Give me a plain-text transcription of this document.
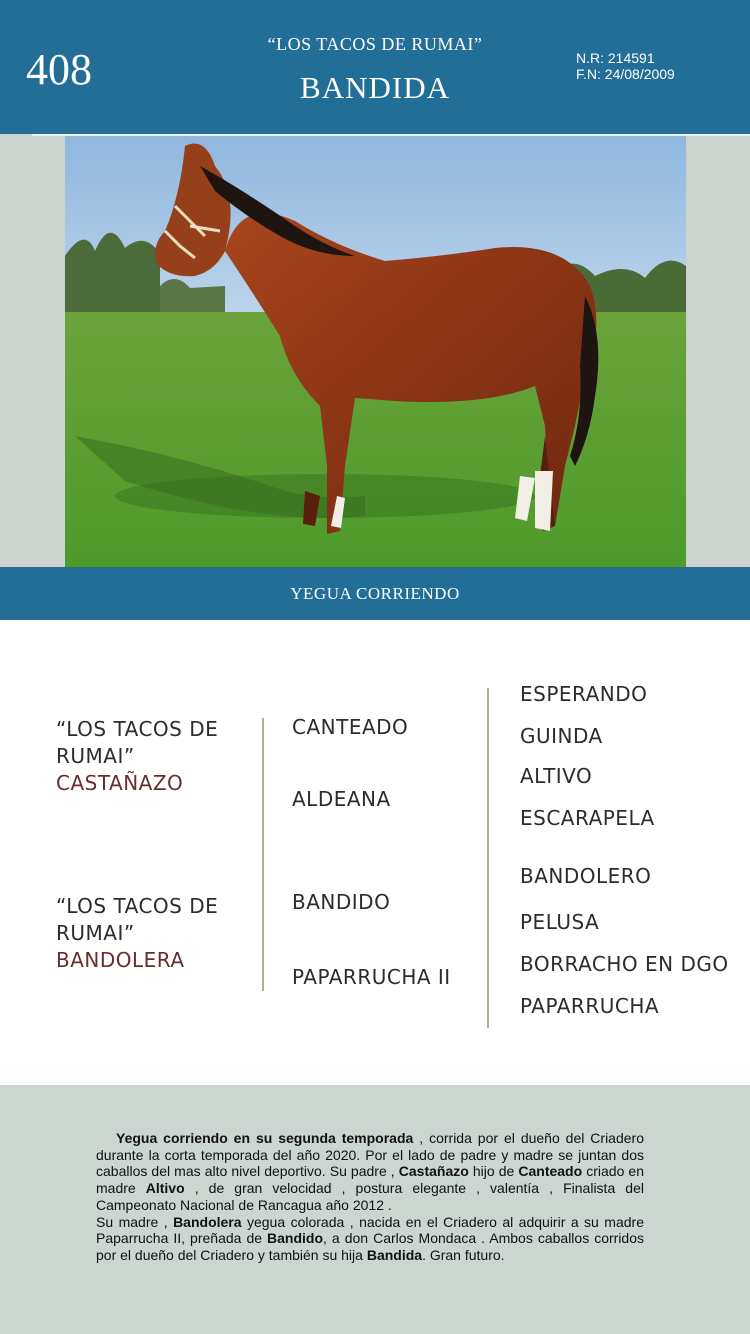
408
“LOS TACOS DE RUMAI”
BANDIDA
N.R: 214591
F.N: 24/08/2009
YEGUA CORRIENDO
“LOS TACOS DE RUMAI”
CASTAÑAZO
“LOS TACOS DE RUMAI”
BANDOLERA
CANTEADO
ALDEANA
BANDIDO
PAPARRUCHA II
ESPERANDO
GUINDA
ALTIVO
ESCARAPELA
BANDOLERO
PELUSA
BORRACHO EN DGO
PAPARRUCHA

Yegua corriendo en su segunda temporada , corrida por el dueño del Criadero durante la corta temporada del año 2020. Por el lado de padre y madre se juntan dos caballos del mas alto nivel deportivo. Su padre , Castañazo hijo de Canteado criado en madre Altivo , de gran velocidad , postura elegante , valentía , Finalista del Campeonato Nacional de Rancagua año 2012 .
Su madre , Bandolera yegua colorada , nacida en el Criadero al adquirir a su madre Paparrucha II, preñada de Bandido, a don Carlos Mondaca . Ambos caballos corridos por el dueño del Criadero y también su hija Bandida. Gran futuro.
